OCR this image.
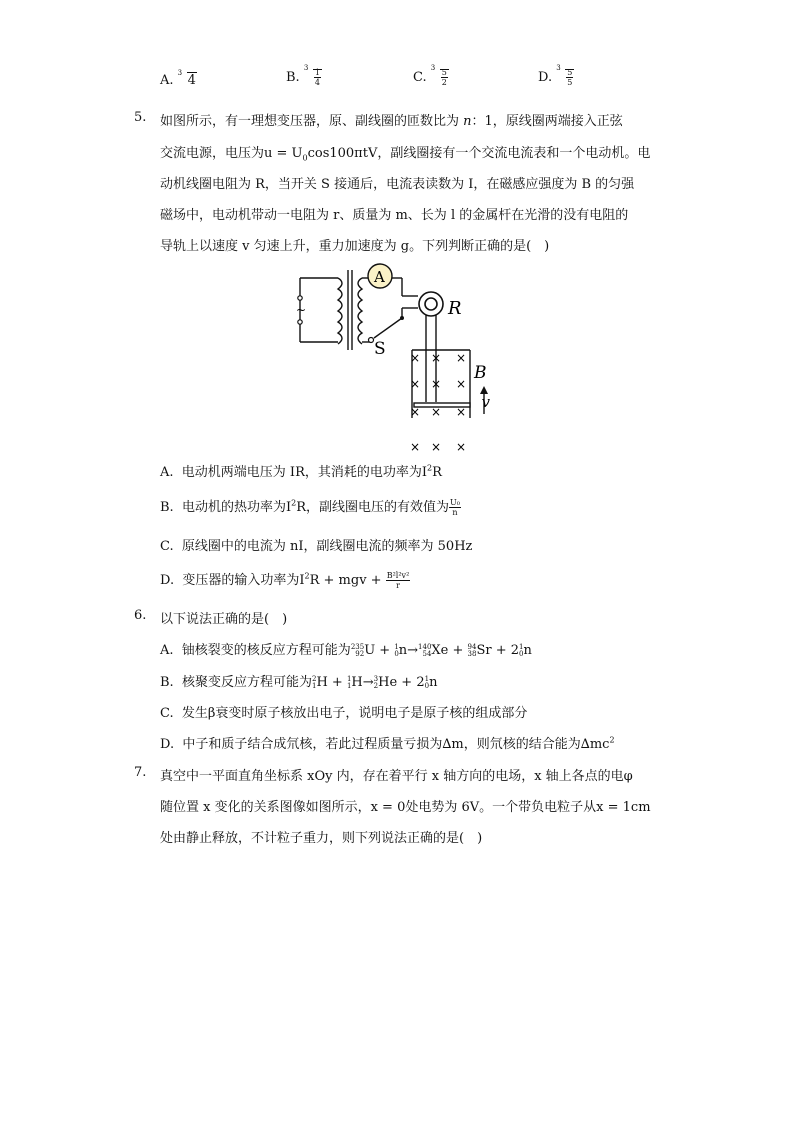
A. 3 4	B.
$3 \frac{1}{4}$	C.
$3 \frac{5}{2}$	D.
$3 \frac{5}{5}$
5. 如图所示，有一理想变压器，原、副线圈的匝数比为 n：1，原线圈两端接入正弦
交流电源，电压为$u = U_0\cos 100\pi tV$，副线圈接有一个交流电流表和一个电动机。电
动机线圈电阻为 R，当开关 S 接通后，电流表读数为 I，在磁感应强度为 B 的匀强
磁场中，电动机带动一电阻为 r、质量为 m、长为 l 的金属杆在光滑的没有电阻的
导轨上以速度 v 匀速上升，重力加速度为 g。下列判断正确的是(　)
~
A
R
S
B
v
× × ×
× × ×
× × ×
× × ×
A. 电动机两端电压为 IR，其消耗的电功率为$I^2R$
B. 电动机的热功率为$I^2R$，副线圈电压的有效值为 $\frac{\text{U₀}}{n}$
C. 原线圈中的电流为 nI，副线圈电流的频率为 50Hz
D. 变压器的输入功率为$I^2R$ + mgv + $\frac{\text{B²l²v²}}{r}$
6. 以下说法正确的是(　)
A. 铀核裂变的核反应方程可能为 235
92 U + 1
0 n→ 140
54 Xe + 94
38 Sr + 2 1
0 n
B. 核聚变反应方程可能为 2
1 H + 1
1 H→ 3
2 He + 2 1
0 n
C. 发生β衰变时原子核放出电子，说明电子是原子核的组成部分
D. 中子和质子结合成氘核，若此过程质量亏损为∆m，则氘核的结合能为$\Delta mc^2$
7. 真空中一平面直角坐标系 xOy 内，存在着平行 x 轴方向的电场，x 轴上各点的电φ
随位置 x 变化的关系图像如图所示，x = 0处电势为 6V。一个带负电粒子从x = 1cm
处由静止释放，不计粒子重力，则下列说法正确的是(　)
